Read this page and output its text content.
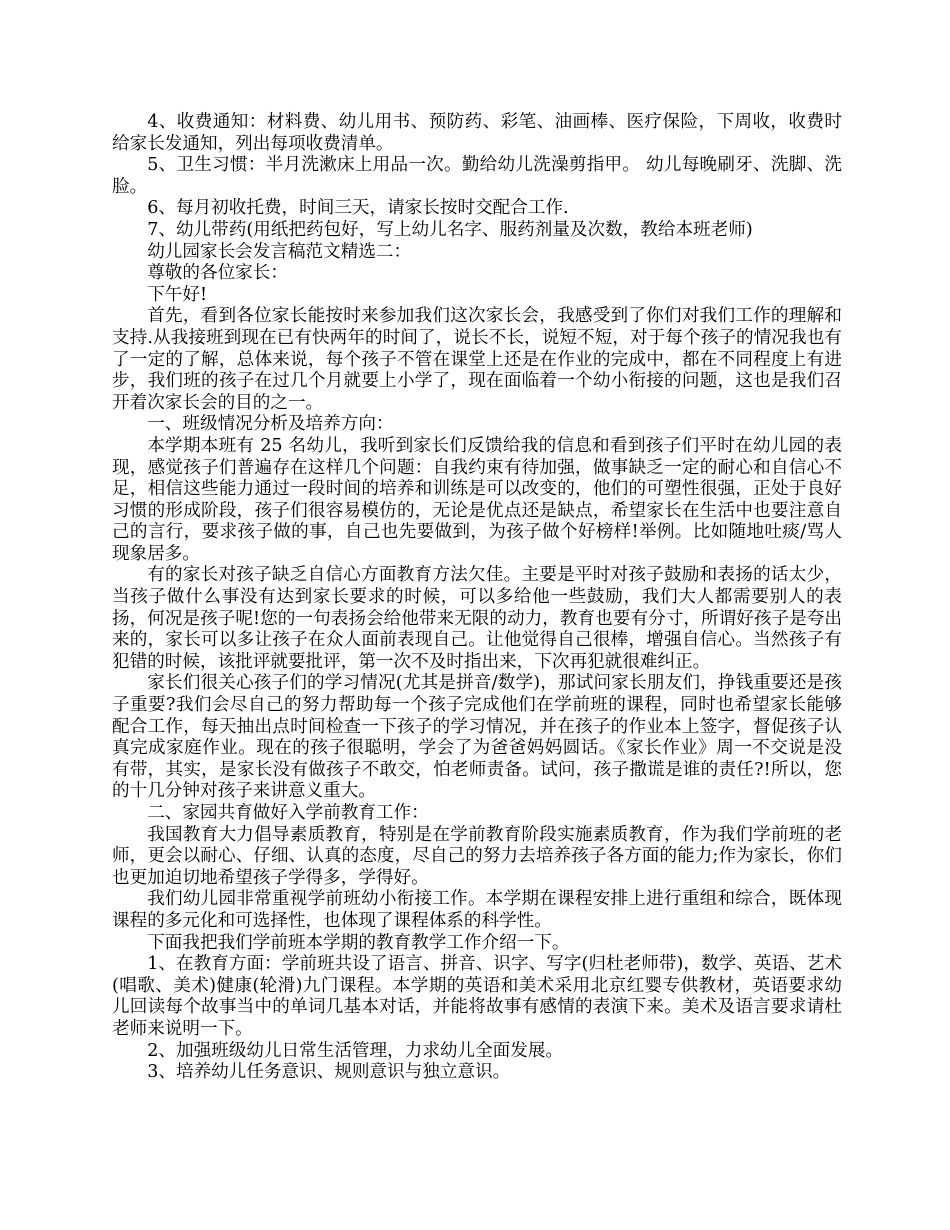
4、收费通知：材料费、幼儿用书、预防药、彩笔、油画棒、医疗保险，下周收，收费时给家长发通知，列出每项收费清单。

5、卫生习惯：半月洗漱床上用品一次。勤给幼儿洗澡剪指甲。 幼儿每晚刷牙、洗脚、洗脸。

6、每月初收托费，时间三天，请家长按时交配合工作.

7、幼儿带药(用纸把药包好，写上幼儿名字、服药剂量及次数，教给本班老师)

幼儿园家长会发言稿范文精选二：

尊敬的各位家长：

下午好!

首先，看到各位家长能按时来参加我们这次家长会，我感受到了你们对我们工作的理解和支持.从我接班到现在已有快两年的时间了，说长不长，说短不短，对于每个孩子的情况我也有了一定的了解，总体来说，每个孩子不管在课堂上还是在作业的完成中，都在不同程度上有进步，我们班的孩子在过几个月就要上小学了，现在面临着一个幼小衔接的问题，这也是我们召开着次家长会的目的之一。

一、班级情况分析及培养方向：

本学期本班有 25 名幼儿，我听到家长们反馈给我的信息和看到孩子们平时在幼儿园的表现，感觉孩子们普遍存在这样几个问题：自我约束有待加强，做事缺乏一定的耐心和自信心不足，相信这些能力通过一段时间的培养和训练是可以改变的，他们的可塑性很强，正处于良好习惯的形成阶段，孩子们很容易模仿的，无论是优点还是缺点，希望家长在生活中也要注意自己的言行，要求孩子做的事，自己也先要做到，为孩子做个好榜样!举例。比如随地吐痰/骂人现象居多。

有的家长对孩子缺乏自信心方面教育方法欠佳。主要是平时对孩子鼓励和表扬的话太少，当孩子做什么事没有达到家长要求的时候，可以多给他一些鼓励，我们大人都需要别人的表扬，何况是孩子呢!您的一句表扬会给他带来无限的动力，教育也要有分寸，所谓好孩子是夸出来的，家长可以多让孩子在众人面前表现自己。让他觉得自己很棒，增强自信心。当然孩子有犯错的时候，该批评就要批评，第一次不及时指出来，下次再犯就很难纠正。

家长们很关心孩子们的学习情况(尤其是拼音/数学)，那试问家长朋友们，挣钱重要还是孩子重要?我们会尽自己的努力帮助每一个孩子完成他们在学前班的课程，同时也希望家长能够配合工作，每天抽出点时间检查一下孩子的学习情况，并在孩子的作业本上签字，督促孩子认真完成家庭作业。现在的孩子很聪明，学会了为爸爸妈妈圆话。《家长作业》周一不交说是没有带，其实，是家长没有做孩子不敢交，怕老师责备。试问，孩子撒谎是谁的责任?!所以，您的十几分钟对孩子来讲意义重大。

二、家园共育做好入学前教育工作：

我国教育大力倡导素质教育，特别是在学前教育阶段实施素质教育，作为我们学前班的老师，更会以耐心、仔细、认真的态度，尽自己的努力去培养孩子各方面的能力;作为家长，你们也更加迫切地希望孩子学得多，学得好。

我们幼儿园非常重视学前班幼小衔接工作。本学期在课程安排上进行重组和综合，既体现课程的多元化和可选择性，也体现了课程体系的科学性。

下面我把我们学前班本学期的教育教学工作介绍一下。

1、在教育方面：学前班共设了语言、拼音、识字、写字(归杜老师带)，数学、英语、艺术(唱歌、美术)健康(轮滑)九门课程。本学期的英语和美术采用北京红婴专供教材，英语要求幼儿回读每个故事当中的单词几基本对话，并能将故事有感情的表演下来。美术及语言要求请杜老师来说明一下。

2、加强班级幼儿日常生活管理，力求幼儿全面发展。

3、培养幼儿任务意识、规则意识与独立意识。
